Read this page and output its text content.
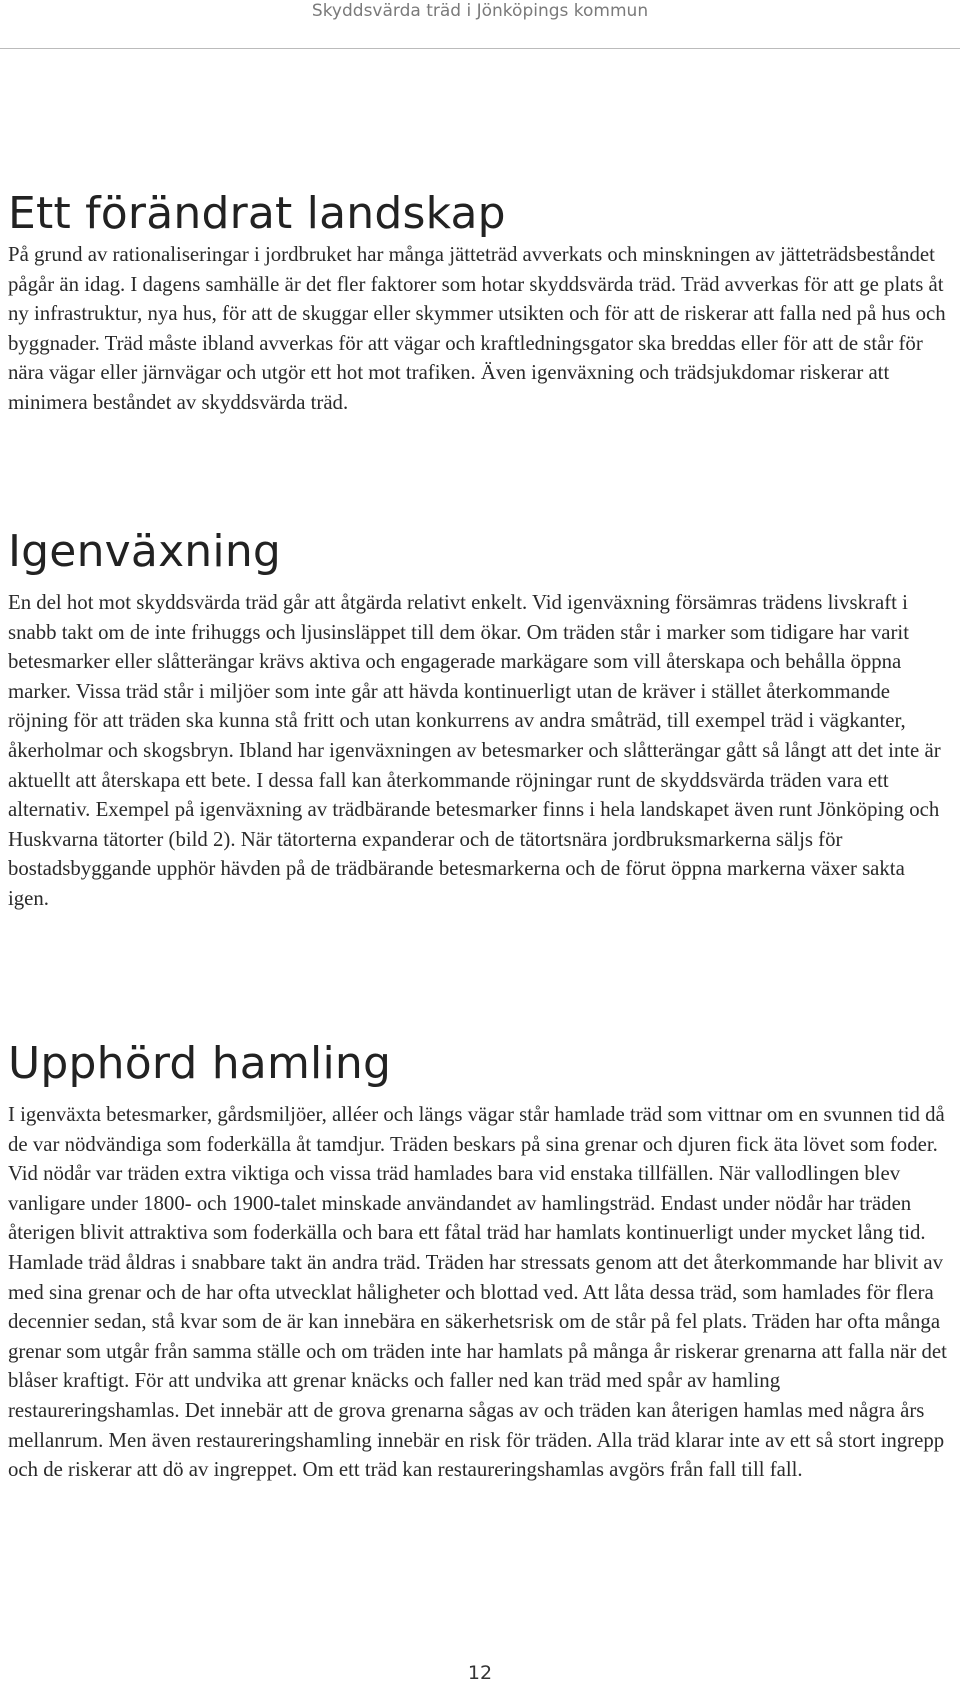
Skyddsvärda träd i Jönköpings kommun
Ett förändrat landskap

På grund av rationaliseringar i jordbruket har många jätteträd avverkats och minskningen av jätteträdsbeståndet pågår än idag. I dagens samhälle är det fler faktorer som hotar skyddsvärda träd. Träd avverkas för att ge plats åt ny infrastruktur, nya hus, för att de skuggar eller skymmer utsikten och för att de riskerar att falla ned på hus och byggnader. Träd måste ibland avverkas för att vägar och kraftledningsgator ska breddas eller för att de står för nära vägar eller järnvägar och utgör ett hot mot trafiken. Även igenväxning och trädsjukdomar riskerar att minimera beståndet av skyddsvärda träd.

Igenväxning

En del hot mot skyddsvärda träd går att åtgärda relativt enkelt. Vid igenväxning försämras trädens livskraft i snabb takt om de inte frihuggs och ljusinsläppet till dem ökar. Om träden står i marker som tidigare har varit betesmarker eller slåtterängar krävs aktiva och engagerade markägare som vill återskapa och behålla öppna marker. Vissa träd står i miljöer som inte går att hävda kontinuerligt utan de kräver i stället återkommande röjning för att träden ska kunna stå fritt och utan konkurrens av andra småträd, till exempel träd i vägkanter, åkerholmar och skogsbryn. Ibland har igenväxningen av betesmarker och slåtterängar gått så långt att det inte är aktuellt att återskapa ett bete. I dessa fall kan återkommande röjningar runt de skyddsvärda träden vara ett alternativ. Exempel på igenväxning av trädbärande betesmarker finns i hela landskapet även runt Jönköping och Huskvarna tätorter (bild 2). När tätorterna expanderar och de tätortsnära jordbruksmarkerna säljs för bostadsbyggande upphör hävden på de trädbärande betesmarkerna och de förut öppna markerna växer sakta igen.

Upphörd hamling

I igenväxta betesmarker, gårdsmiljöer, alléer och längs vägar står hamlade träd som vittnar om en svunnen tid då de var nödvändiga som foderkälla åt tamdjur. Träden beskars på sina grenar och djuren fick äta lövet som foder. Vid nödår var träden extra viktiga och vissa träd hamlades bara vid enstaka tillfällen. När vallodlingen blev vanligare under 1800- och 1900-talet minskade användandet av hamlingsträd. Endast under nödår har träden återigen blivit attraktiva som foderkälla och bara ett fåtal träd har hamlats kontinuerligt under mycket lång tid. Hamlade träd åldras i snabbare takt än andra träd. Träden har stressats genom att det återkommande har blivit av med sina grenar och de har ofta utvecklat håligheter och blottad ved. Att låta dessa träd, som hamlades för flera decennier sedan, stå kvar som de är kan innebära en säkerhetsrisk om de står på fel plats. Träden har ofta många grenar som utgår från samma ställe och om träden inte har hamlats på många år riskerar grenarna att falla när det blåser kraftigt. För att undvika att grenar knäcks och faller ned kan träd med spår av hamling restaureringshamlas. Det innebär att de grova grenarna sågas av och träden kan återigen hamlas med några års mellanrum. Men även restaureringshamling innebär en risk för träden. Alla träd klarar inte av ett så stort ingrepp och de riskerar att dö av ingreppet. Om ett träd kan restaureringshamlas avgörs från fall till fall.

12
